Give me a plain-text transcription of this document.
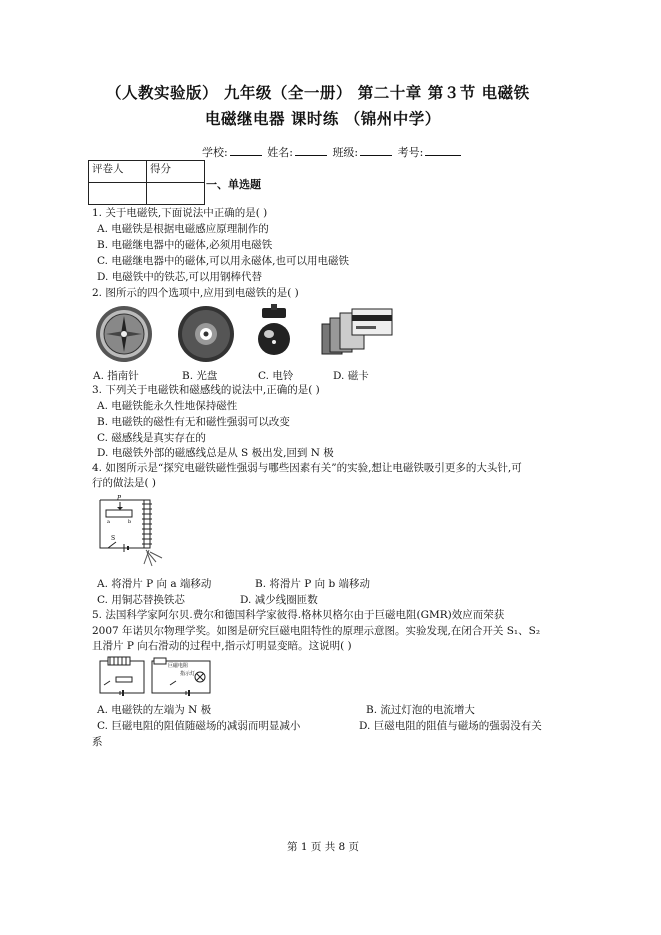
（人教实验版） 九年级（全一册） 第二十章 第３节 电磁铁
电磁继电器 课时练 （锦州中学）
学校:	姓名:	班级:	考号:
评卷人	得分

一、单选题
1. 关于电磁铁,下面说法中正确的是( )
A. 电磁铁是根据电磁感应原理制作的
B. 电磁继电器中的磁体,必须用电磁铁
C. 电磁继电器中的磁体,可以用永磁体,也可以用电磁铁
D. 电磁铁中的铁芯,可以用钢棒代替
2. 图所示的四个选项中,应用到电磁铁的是( )
A. 指南针	B. 光盘	C. 电铃	D. 磁卡
3. 下列关于电磁铁和磁感线的说法中,正确的是( )
A. 电磁铁能永久性地保持磁性
B. 电磁铁的磁性有无和磁性强弱可以改变
C. 磁感线是真实存在的
D. 电磁铁外部的磁感线总是从 S 极出发,回到 N 极
4. 如图所示是“探究电磁铁磁性强弱与哪些因素有关”的实验,想让电磁铁吸引更多的大头针,可
行的做法是( )
P
a	b
S
A. 将滑片 P 向 a 端移动	B. 将滑片 P 向 b 端移动
C. 用铜芯替换铁芯	D. 减少线圈匝数
5. 法国科学家阿尔贝.费尔和德国科学家彼得.格林贝格尔由于巨磁电阻(GMR)效应而荣获
2007 年诺贝尔物理学奖。如图是研究巨磁电阻特性的原理示意图。实验发现,在闭合开关 S₁、S₂
且滑片 P 向右滑动的过程中,指示灯明显变暗。这说明( )
巨磁电阻
指示灯
A. 电磁铁的左端为 N 极	B. 流过灯泡的电流增大
C. 巨磁电阻的阻值随磁场的减弱而明显减小	D. 巨磁电阻的阻值与磁场的强弱没有关
系
第 1 页 共 8 页
